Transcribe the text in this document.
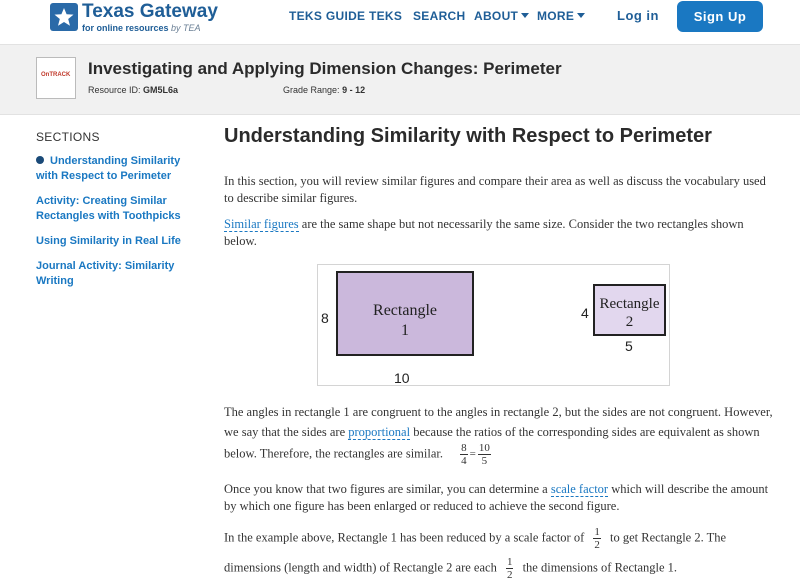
Texas Gateway
for online resources by TEA
TEKS GUIDE TEKS SEARCH ABOUT	MORE	Log in	Sign Up
OnTRACK Investigating and Applying Dimension Changes: Perimeter
Resource ID: GM5L6a	Grade Range: 9 - 12
SECTIONS
Understanding Similarity with Respect to Perimeter
Activity: Creating Similar Rectangles with Toothpicks
Using Similarity in Real Life
Journal Activity: Similarity Writing
Understanding Similarity with Respect to Perimeter
In this section, you will review similar figures and compare their area as well as discuss the vocabulary used to describe similar figures.
Similar figures are the same shape but not necessarily the same size. Consider the two rectangles shown below.
8	Rectangle
1
10
4
Rectangle
2
5
The angles in rectangle 1 are congruent to the angles in rectangle 2, but the sides are not congruent. However, we say that the sides are proportional because the ratios of the corresponding sides are equivalent as shown below. Therefore, the rectangles are similar. $\frac{8}{4} = \frac{10}{5}$
Once you know that two figures are similar, you can determine a scale factor which will describe the amount by which one figure has been enlarged or reduced to achieve the second figure.
In the example above, Rectangle 1 has been reduced by a scale factor of $\frac{1}{2}$ to get Rectangle 2. The
dimensions (length and width) of Rectangle 2 are each $\frac{1}{2}$ the dimensions of Rectangle 1.
